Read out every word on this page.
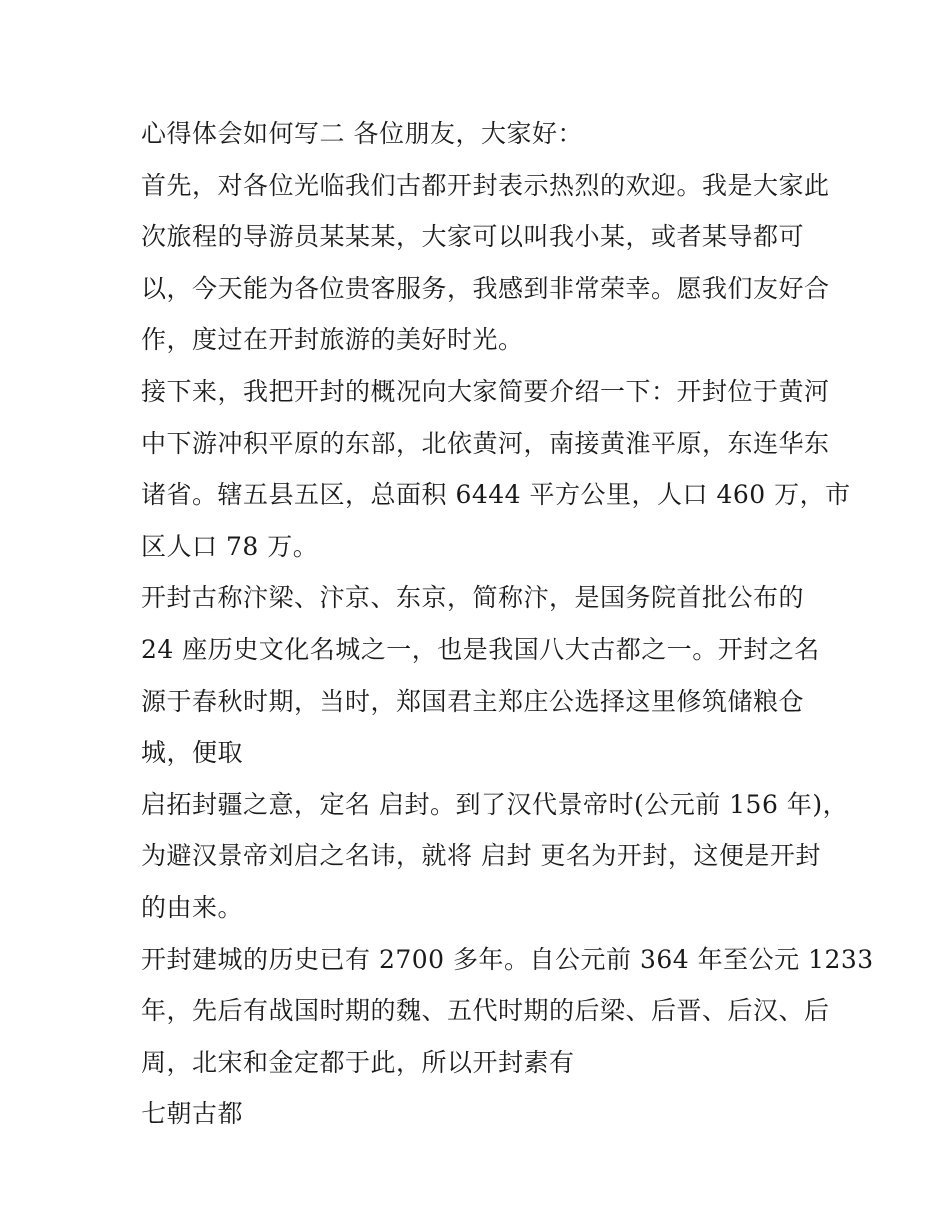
心得体会如何写二 各位朋友，大家好：
首先，对各位光临我们古都开封表示热烈的欢迎。我是大家此
次旅程的导游员某某某，大家可以叫我小某，或者某导都可
以，今天能为各位贵客服务，我感到非常荣幸。愿我们友好合
作，度过在开封旅游的美好时光。
接下来，我把开封的概况向大家简要介绍一下：开封位于黄河
中下游冲积平原的东部，北依黄河，南接黄淮平原，东连华东
诸省。辖五县五区，总面积 6444 平方公里，人口 460 万，市
区人口 78 万。
开封古称汴梁、汴京、东京，简称汴，是国务院首批公布的
24 座历史文化名城之一，也是我国八大古都之一。开封之名
源于春秋时期，当时，郑国君主郑庄公选择这里修筑储粮仓
城，便取
启拓封疆之意，定名 启封。到了汉代景帝时(公元前 156 年)，
为避汉景帝刘启之名讳，就将 启封 更名为开封，这便是开封
的由来。
开封建城的历史已有 2700 多年。自公元前 364 年至公元 1233
年，先后有战国时期的魏、五代时期的后梁、后晋、后汉、后
周，北宋和金定都于此，所以开封素有
七朝古都
